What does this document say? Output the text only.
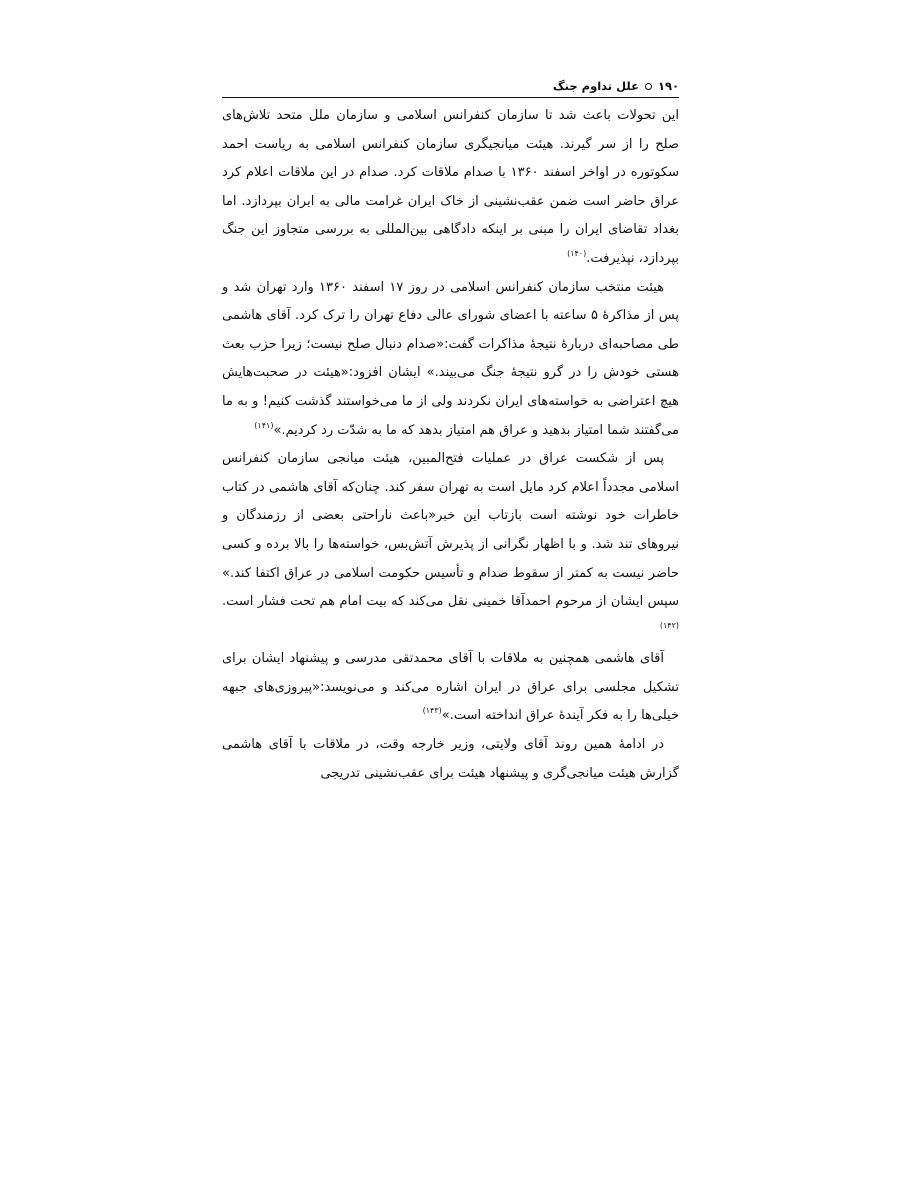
۱۹۰
علل تداوم جنگ

این تحولات باعث شد تا سازمان کنفرانس اسلامی و سازمان ملل متحد تلاش‌های صلح را از سر گیرند. هیئت میانجیگری سازمان کنفرانس اسلامی به ریاست احمد سکوتوره در اواخر اسفند ۱۳۶۰ با صدام ملاقات کرد. صدام در این ملاقات اعلام کرد عراق حاضر است ضمن عقب‌نشینی از خاک ایران غرامت مالی به ایران بپردازد. اما بغداد تقاضای ایران را مبنی بر اینکه دادگاهی بین‌المللی به بررسی متجاوز این جنگ بپردازد، نپذیرفت.$^{(۱۴۰)}$

هیئت منتخب سازمان کنفرانس اسلامی در روز ۱۷ اسفند ۱۳۶۰ وارد تهران شد و پس از مذاکرهٔ ۵ ساعته با اعضای شورای عالی دفاع تهران را ترک کرد. آقای هاشمی طی مصاحبه‌ای دربارهٔ نتیجهٔ مذاکرات گفت:«صدام دنبال صلح نیست؛ زیرا حزب بعث هستی خودش را در گرو نتیجهٔ جنگ می‌بیند.» ایشان افزود:«هیئت در صحبت‌هایش هیچ اعتراضی به خواسته‌های ایران نکردند ولی از ما می‌خواستند گذشت کنیم! و به ما می‌گفتند شما امتیاز بدهید و عراق هم امتیاز بدهد که ما به شدّت رد کردیم.»$^{(۱۴۱)}$

پس از شکست عراق در عملیات فتح‌المبین، هیئت میانجی سازمان کنفرانس اسلامی مجدداً اعلام کرد مایل است به تهران سفر کند. چنان‌که آقای هاشمی در کتاب خاطرات خود نوشته است بازتاب این خبر«باعث ناراحتی بعضی از رزمندگان و نیروهای تند شد. و با اظهار نگرانی از پذیرش آتش‌بس، خواسته‌ها را بالا برده و کسی حاضر نیست به کمتر از سقوط صدام و تأسیس حکومت اسلامی در عراق اکتفا کند.» سپس ایشان از مرحوم احمدآقا خمینی نقل می‌کند که بیت امام هم تحت فشار است.$^{(۱۴۲)}$

آقای هاشمی همچنین به ملاقات با آقای محمدتقی مدرسی و پیشنهاد ایشان برای تشکیل مجلسی برای عراق در ایران اشاره می‌کند و می‌نویسد:«پیروزی‌های جبهه خیلی‌ها را به فکر آیندهٔ عراق انداخته است.»$^{(۱۴۳)}$

در ادامهٔ همین روند آقای ولایتی، وزیر خارجه وقت، در ملاقات با آقای هاشمی گزارش هیئت میانجی‌گری و پیشنهاد هیئت برای عقب‌نشینی تدریجی
